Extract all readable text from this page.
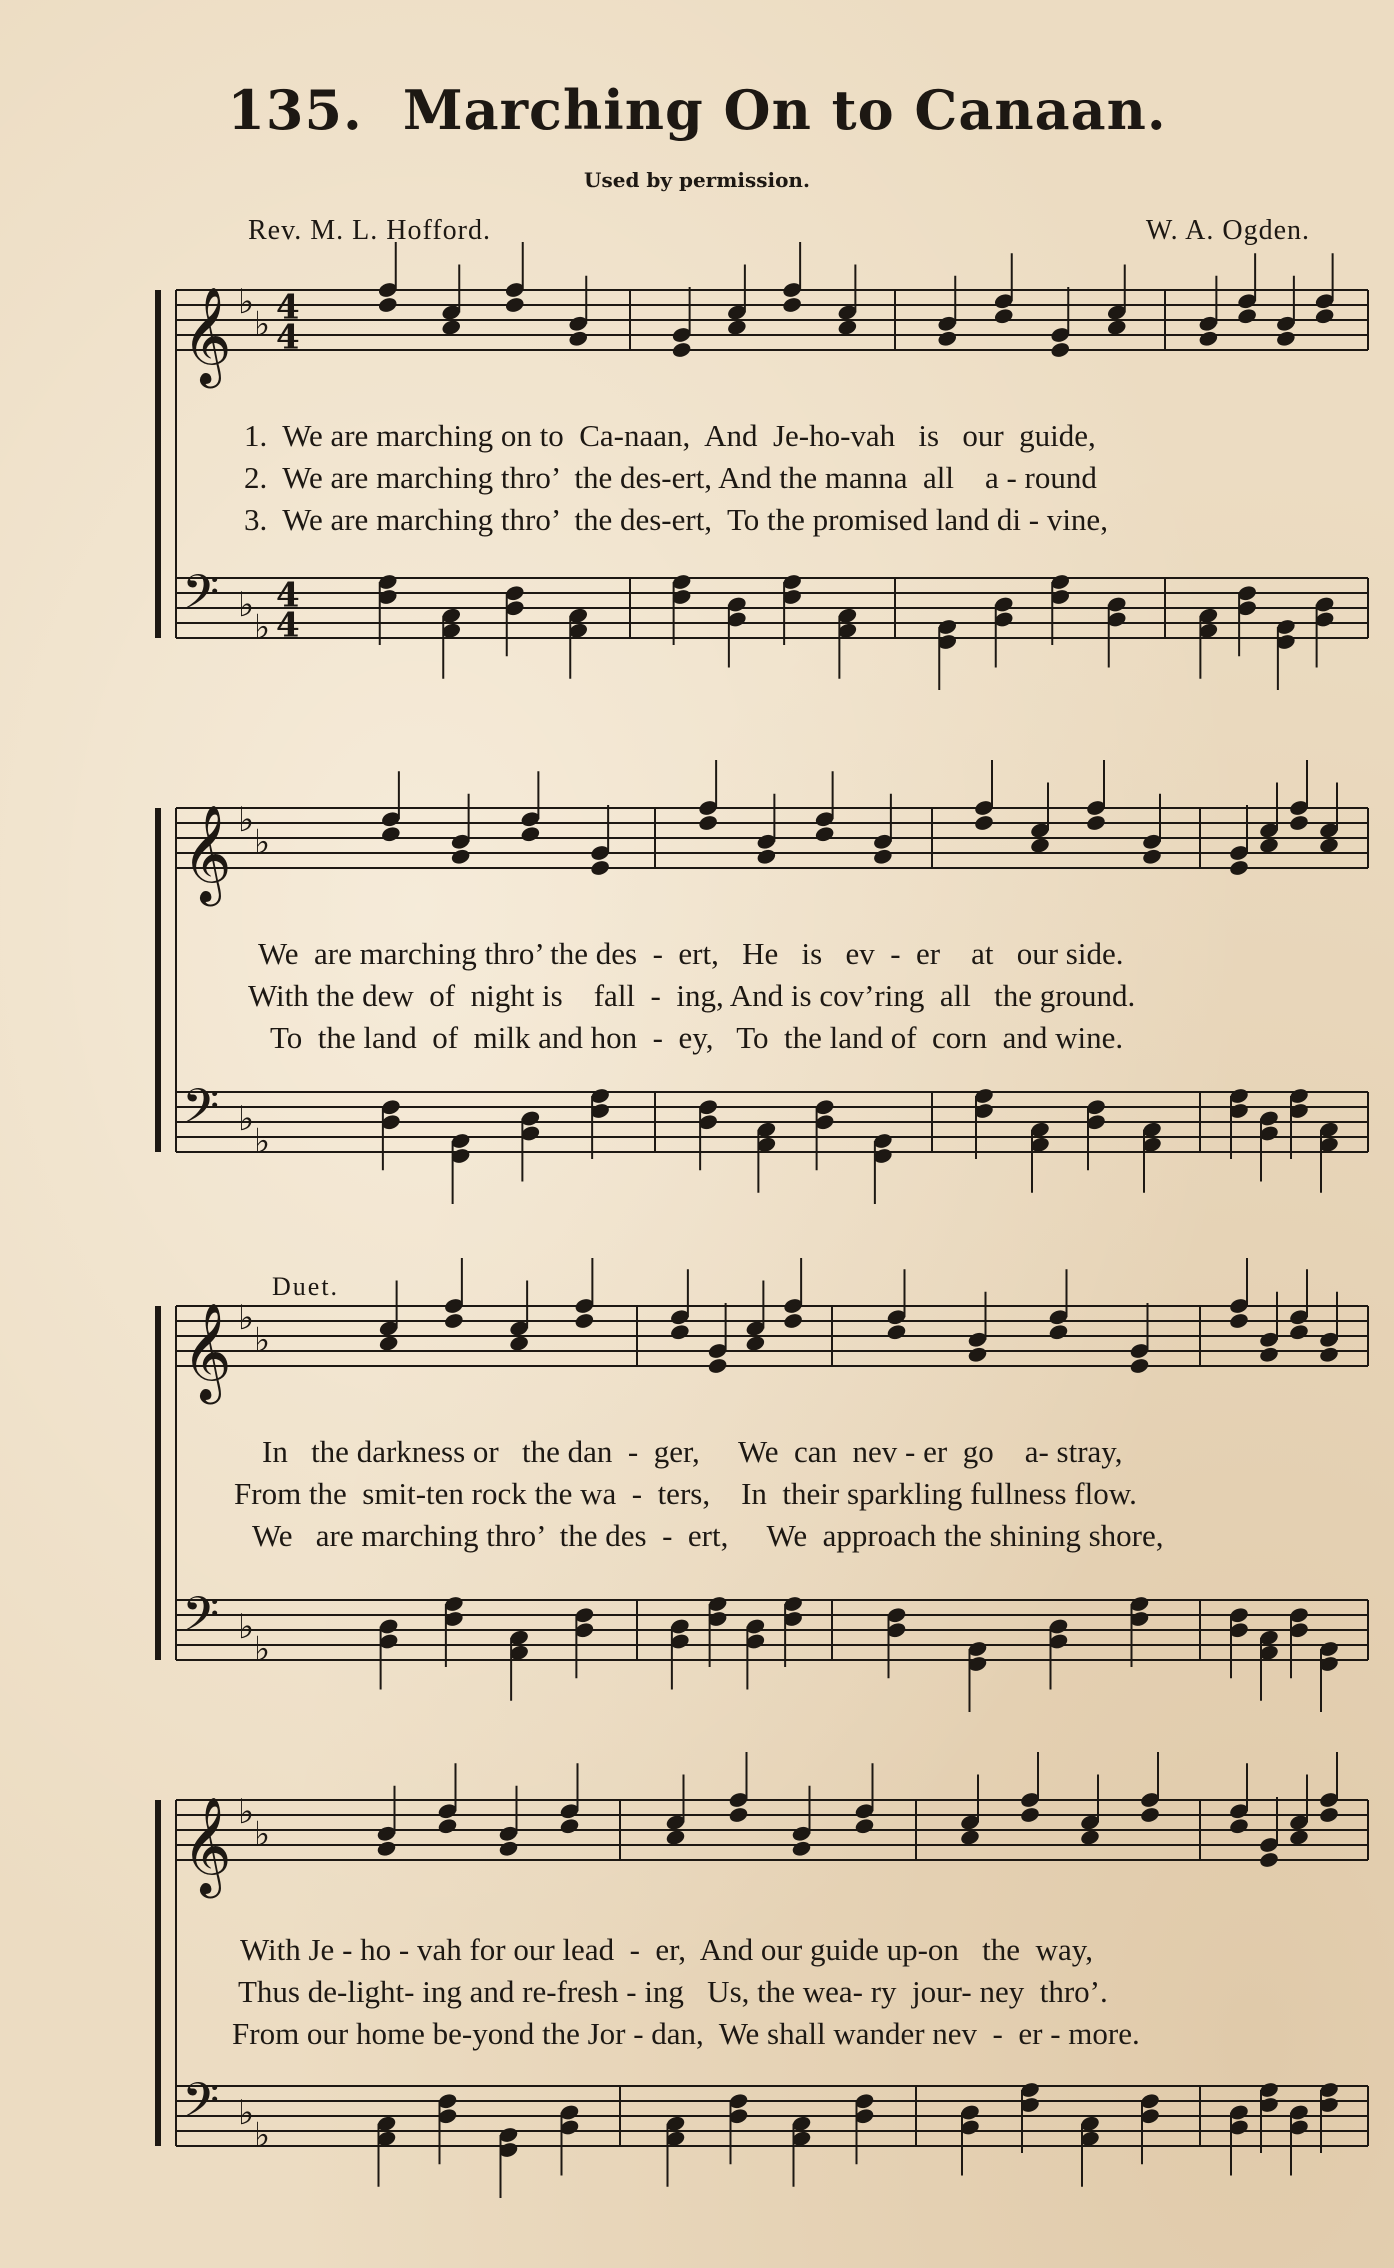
135. Marching On to Canaan.
Used by permission.
Rev. M. L. Hofford.	W. A. Ogden.
Duet.
𝄞 ♭
♭ 4
4
𝄢 ♭
♭
4
4
𝄞 ♭
♭
𝄢 ♭
♭
𝄞 ♭
♭
𝄢 ♭
♭
𝄞 ♭
♭
𝄢 ♭
♭
1.  We are marching on to  Ca-naan,  And  Je-ho-vah   is   our  guide,
2.  We are marching thro’  the des-ert, And the manna  all    a - round
3.  We are marching thro’  the des-ert,  To the promised land di - vine,
We  are marching thro’ the des  -  ert,   He   is   ev  -  er    at   our side.
With the dew  of  night is    fall  -  ing, And is cov’ring  all   the ground.
To  the land  of  milk and hon  -  ey,   To  the land of  corn  and wine.
In   the darkness or   the dan  -  ger,     We  can  nev - er  go    a- stray,
From the  smit-ten rock the wa  -  ters,    In  their sparkling fullness flow.
We   are marching thro’  the des  -  ert,     We  approach the shining shore,
With Je - ho - vah for our lead  -  er,  And our guide up-on   the  way,
Thus de-light- ing and re-fresh - ing   Us, the wea- ry  jour- ney  thro’.
From our home be-yond the Jor - dan,  We shall wander nev  -  er - more.
